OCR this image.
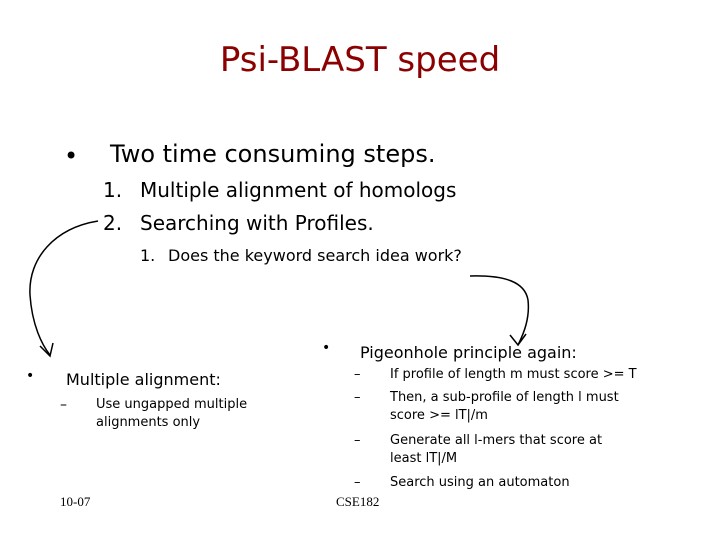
Psi-BLAST speed
• Two time consuming steps.
1. Multiple alignment of homologs
2. Searching with Profiles.
1. Does the keyword search idea work?
• Multiple alignment:
– Use ungapped multiple
alignments only
• Pigeonhole principle again:
– If profile of length m must score >= T
– Then, a sub-profile of length l must
score >= lT|/m
– Generate all l-mers that score at
least lT|/M
– Search using an automaton
10-07	CSE182
